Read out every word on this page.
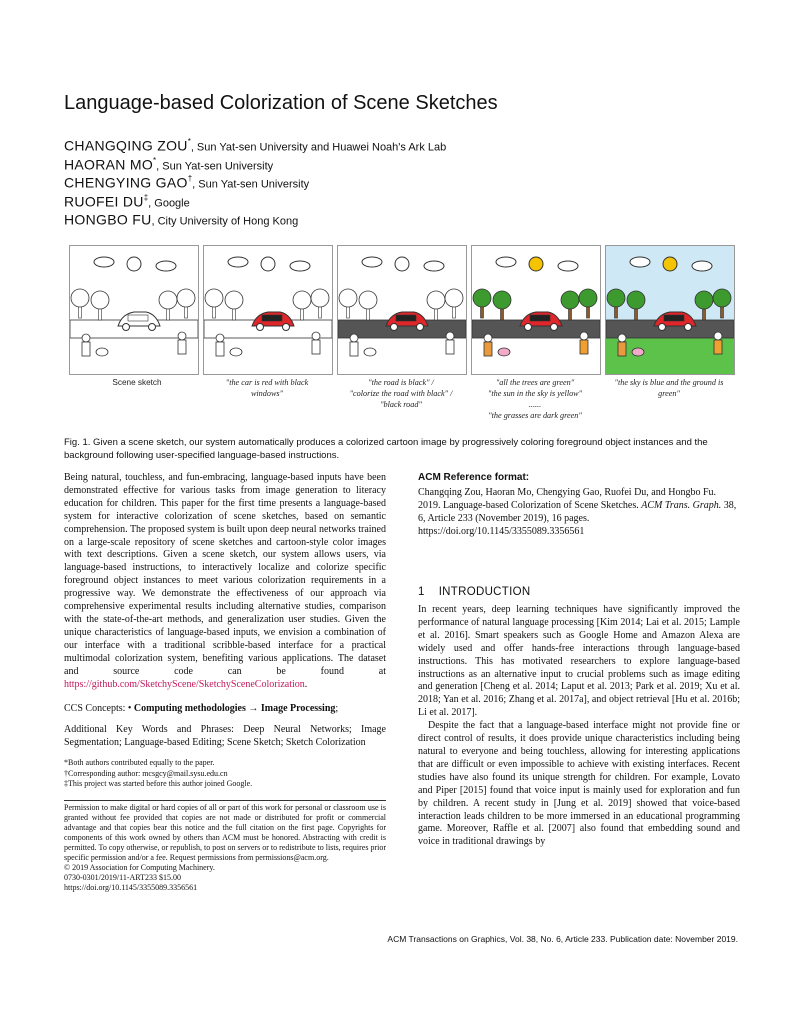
Language-based Colorization of Scene Sketches
CHANGQING ZOU*, Sun Yat-sen University and Huawei Noah's Ark Lab
HAORAN MO*, Sun Yat-sen University
CHENGYING GAO†, Sun Yat-sen University
RUOFEI DU‡, Google
HONGBO FU, City University of Hong Kong
Scene sketch	"the car is red with black
windows"
"the road is black" /
"colorize the road with black" /
"black road"
"all the trees are green"
"the sun in the sky is yellow"
......
"the grasses are dark green"
"the sky is blue and the ground is
green"
Fig. 1. Given a scene sketch, our system automatically produces a colorized cartoon image by progressively coloring foreground object instances and the background following user-specified language-based instructions.
Being natural, touchless, and fun-embracing, language-based inputs have been demonstrated effective for various tasks from image generation to literacy education for children. This paper for the first time presents a language-based system for interactive colorization of scene sketches, based on semantic comprehension. The proposed system is built upon deep neural networks trained on a large-scale repository of scene sketches and cartoon-style color images with text descriptions. Given a scene sketch, our system allows users, via language-based instructions, to interactively localize and colorize specific foreground object instances to meet various colorization requirements in a progressive way. We demonstrate the effectiveness of our approach via comprehensive experimental results including alternative studies, comparison with the state-of-the-art methods, and generalization user studies. Given the unique characteristics of language-based inputs, we envision a combination of our interface with a traditional scribble-based interface for a practical multimodal colorization system, benefiting various applications. The dataset and source code can be found at https://github.com/SketchyScene/SketchySceneColorization.
CCS Concepts: • Computing methodologies → Image Processing;
Additional Key Words and Phrases: Deep Neural Networks; Image Segmentation; Language-based Editing; Scene Sketch; Sketch Colorization
*Both authors contributed equally to the paper.
†Corresponding author: mcsgcy@mail.sysu.edu.cn
‡This project was started before this author joined Google.
Permission to make digital or hard copies of all or part of this work for personal or classroom use is granted without fee provided that copies are not made or distributed for profit or commercial advantage and that copies bear this notice and the full citation on the first page. Copyrights for components of this work owned by others than ACM must be honored. Abstracting with credit is permitted. To copy otherwise, or republish, to post on servers or to redistribute to lists, requires prior specific permission and/or a fee. Request permissions from permissions@acm.org.
© 2019 Association for Computing Machinery.
0730-0301/2019/11-ART233 $15.00
https://doi.org/10.1145/3355089.3356561
ACM Reference format:
Changqing Zou, Haoran Mo, Chengying Gao, Ruofei Du, and Hongbo Fu. 2019. Language-based Colorization of Scene Sketches. ACM Trans. Graph. 38, 6, Article 233 (November 2019), 16 pages.
https://doi.org/10.1145/3355089.3356561
1 INTRODUCTION

In recent years, deep learning techniques have significantly improved the performance of natural language processing [Kim 2014; Lai et al. 2015; Lample et al. 2016]. Smart speakers such as Google Home and Amazon Alexa are widely used and offer hands-free interactions through language-based instructions. This has motivated researchers to explore language-based instructions as an alternative input to crucial problems such as image editing and generation [Cheng et al. 2014; Laput et al. 2013; Park et al. 2019; Xu et al. 2018; Yan et al. 2016; Zhang et al. 2017a], and object retrieval [Hu et al. 2016b; Li et al. 2017].

Despite the fact that a language-based interface might not provide fine or direct control of results, it does provide unique characteristics including being natural to everyone and being touchless, allowing for interesting applications that are difficult or even impossible to achieve with existing interfaces. Recent studies have also found its unique strength for children. For example, Lovato and Piper [2015] found that voice input is mainly used for exploration and fun by children. A recent study in [Jung et al. 2019] showed that voice-based interaction leads children to be more immersed in an educational programming game. Moreover, Raffle et al. [2007] also found that embedding sound and voice in traditional drawings by

ACM Transactions on Graphics, Vol. 38, No. 6, Article 233. Publication date: November 2019.
